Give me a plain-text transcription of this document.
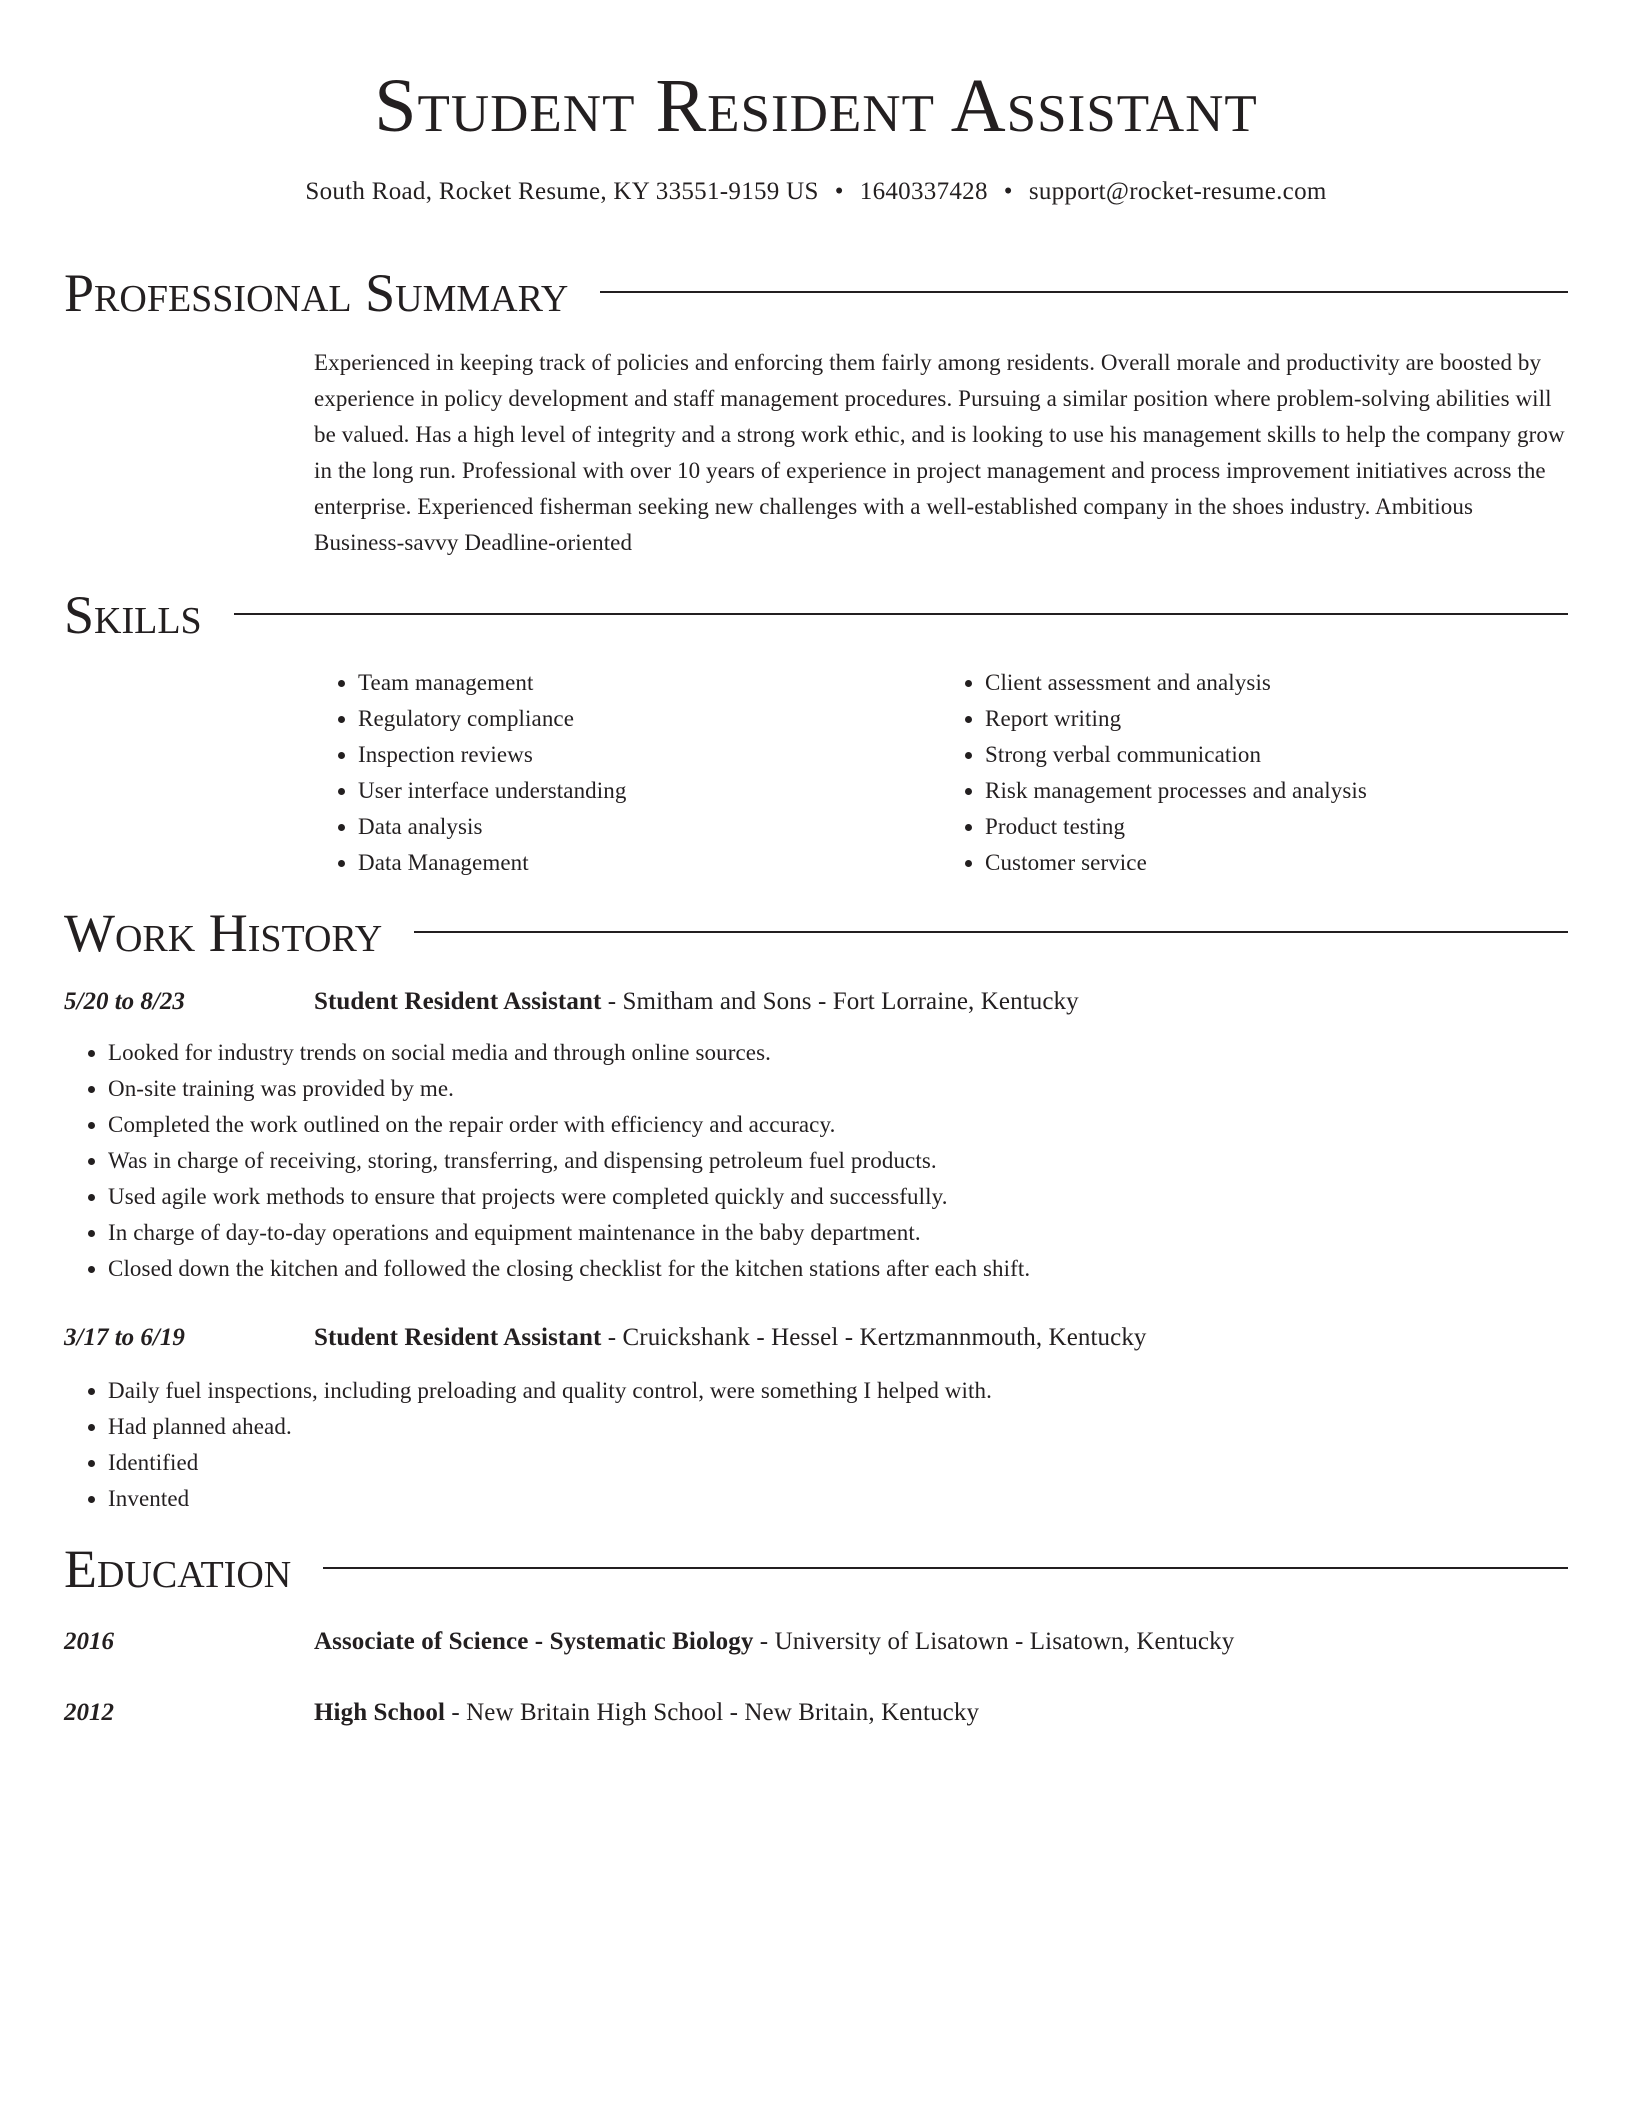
Student Resident Assistant
South Road, Rocket Resume, KY 33551-9159 US • 1640337428 • support@rocket-resume.com
Professional Summary
Experienced in keeping track of policies and enforcing them fairly among residents. Overall morale and productivity are boosted by experience in policy development and staff management procedures. Pursuing a similar position where problem-solving abilities will be valued. Has a high level of integrity and a strong work ethic, and is looking to use his management skills to help the company grow in the long run. Professional with over 10 years of experience in project management and process improvement initiatives across the enterprise. Experienced fisherman seeking new challenges with a well-established company in the shoes industry. Ambitious Business-savvy Deadline-oriented
Skills
• Team management
• Regulatory compliance
• Inspection reviews
• User interface understanding
• Data analysis
• Data Management
• Client assessment and analysis
• Report writing
• Strong verbal communication
• Risk management processes and analysis
• Product testing
• Customer service
Work History
5/20 to 8/23	Student Resident Assistant - Smitham and Sons - Fort Lorraine, Kentucky
• Looked for industry trends on social media and through online sources.
• On-site training was provided by me.
• Completed the work outlined on the repair order with efficiency and accuracy.
• Was in charge of receiving, storing, transferring, and dispensing petroleum fuel products.
• Used agile work methods to ensure that projects were completed quickly and successfully.
• In charge of day-to-day operations and equipment maintenance in the baby department.
• Closed down the kitchen and followed the closing checklist for the kitchen stations after each shift.
3/17 to 6/19	Student Resident Assistant - Cruickshank - Hessel - Kertzmannmouth, Kentucky
• Daily fuel inspections, including preloading and quality control, were something I helped with.
• Had planned ahead.
• Identified
• Invented
Education
2016	Associate of Science - Systematic Biology - University of Lisatown - Lisatown, Kentucky
2012	High School - New Britain High School - New Britain, Kentucky
